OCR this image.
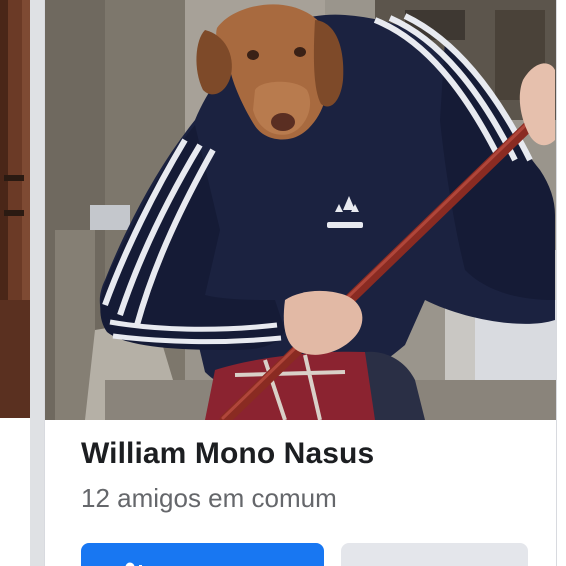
William Mono Nasus
12 amigos em comum
